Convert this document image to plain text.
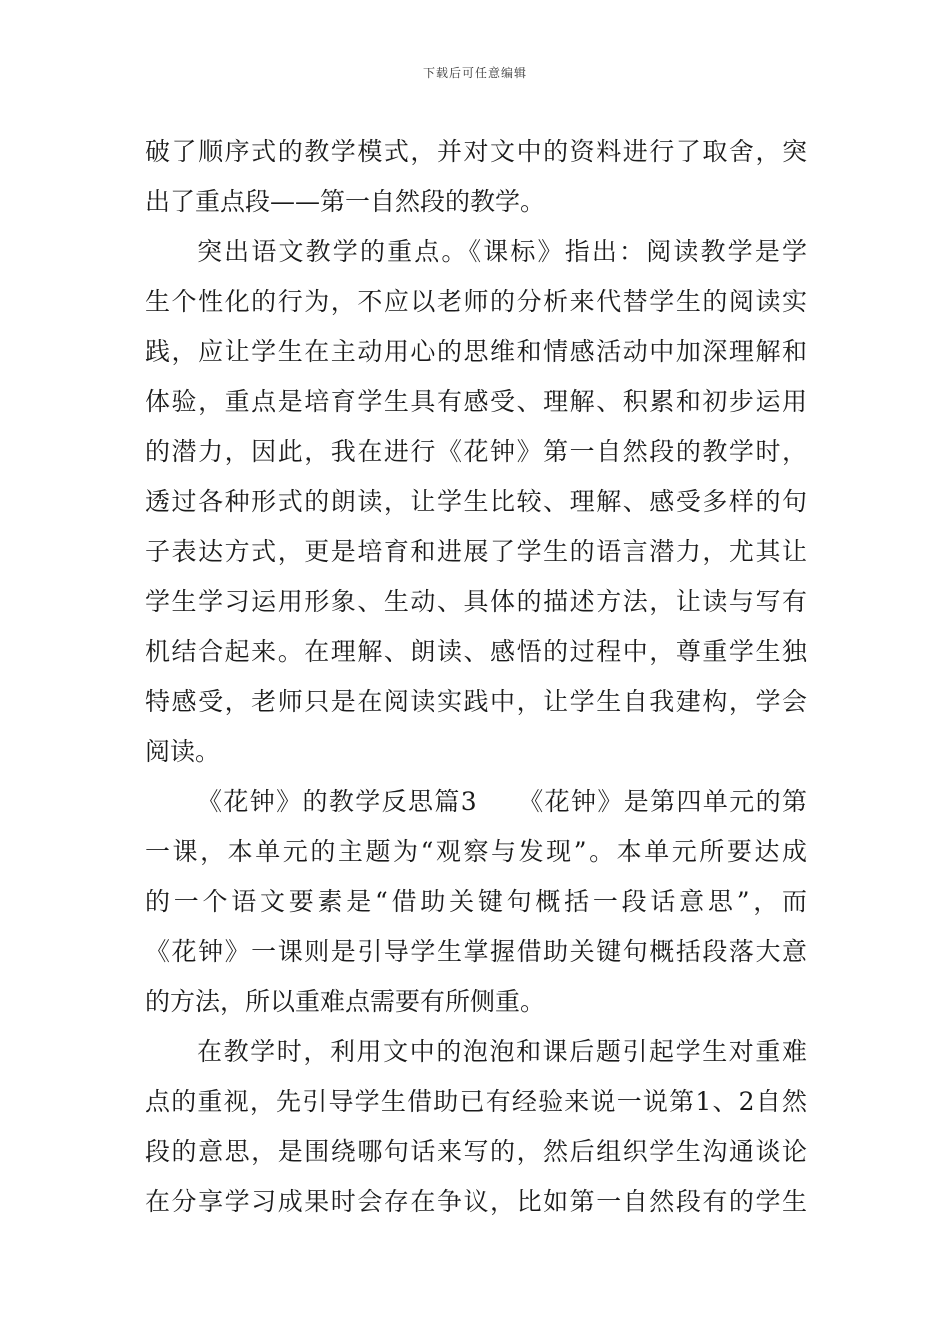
下载后可任意编辑
破了顺序式的教学模式，并对文中的资料进行了取舍，突
出了重点段——第一自然段的教学。
突出语文教学的重点。《课标》指出：阅读教学是学
生个性化的行为，不应以老师的分析来代替学生的阅读实
践，应让学生在主动用心的思维和情感活动中加深理解和
体验，重点是培育学生具有感受、理解、积累和初步运用
的潜力，因此，我在进行《花钟》第一自然段的教学时，
透过各种形式的朗读，让学生比较、理解、感受多样的句
子表达方式，更是培育和进展了学生的语言潜力，尤其让
学生学习运用形象、生动、具体的描述方法，让读与写有
机结合起来。在理解、朗读、感悟的过程中，尊重学生独
特感受，老师只是在阅读实践中，让学生自我建构，学会
阅读。
《花钟》的教学反思篇3　　《花钟》是第四单元的第
一课，本单元的主题为“观察与发现”。本单元所要达成
的一个语文要素是“借助关键句概括一段话意思”，而
《花钟》一课则是引导学生掌握借助关键句概括段落大意
的方法，所以重难点需要有所侧重。
在教学时，利用文中的泡泡和课后题引起学生对重难
点的重视，先引导学生借助已有经验来说一说第1、2自然
段的意思，是围绕哪句话来写的，然后组织学生沟通谈论
在分享学习成果时会存在争议，比如第一自然段有的学生
